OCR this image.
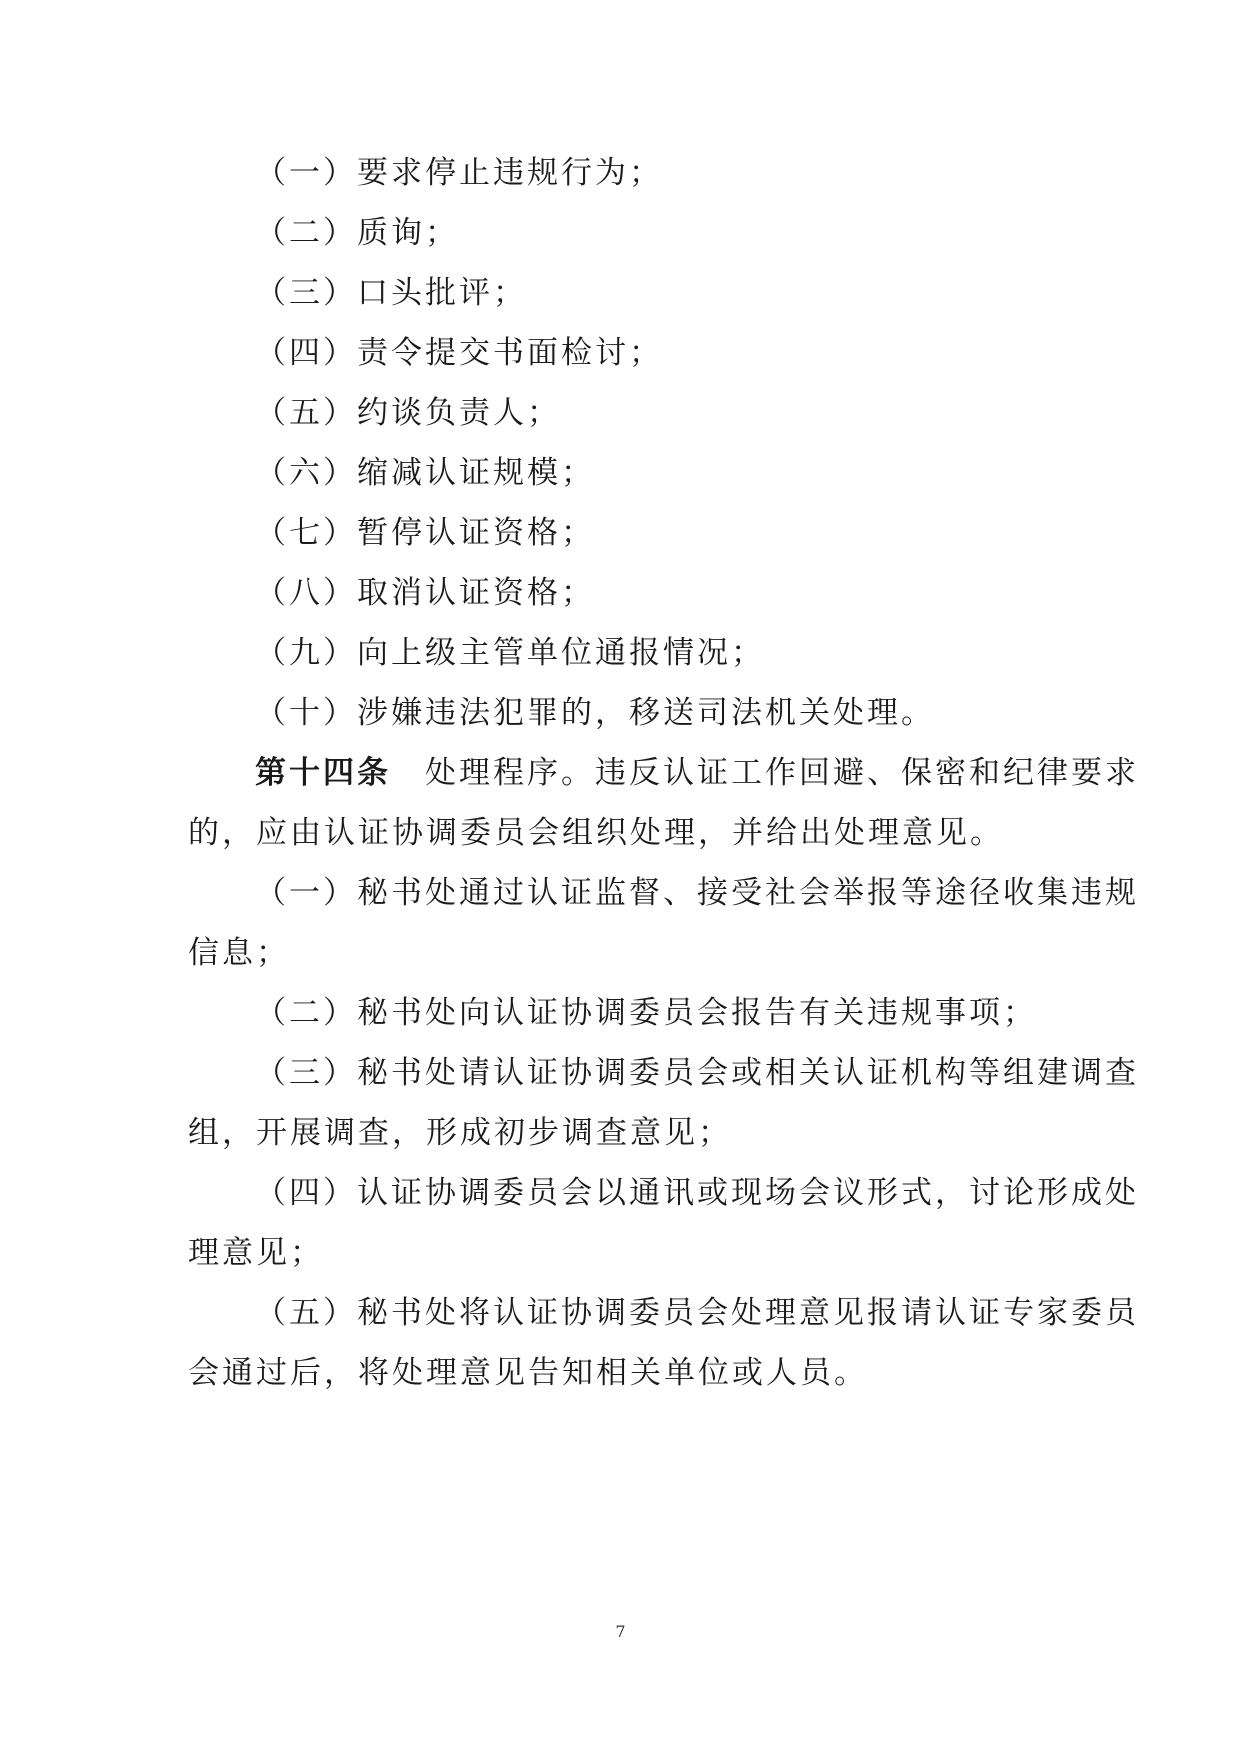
（一）要求停止违规行为；
（二）质询；
（三）口头批评；
（四）责令提交书面检讨；
（五）约谈负责人；
（六）缩减认证规模；
（七）暂停认证资格；
（八）取消认证资格；
（九）向上级主管单位通报情况；
（十）涉嫌违法犯罪的，移送司法机关处理。
第十四条  处理程序。违反认证工作回避、保密和纪律要求
的，应由认证协调委员会组织处理，并给出处理意见。
（一）秘书处通过认证监督、接受社会举报等途径收集违规
信息；
（二）秘书处向认证协调委员会报告有关违规事项；
（三）秘书处请认证协调委员会或相关认证机构等组建调查
组，开展调查，形成初步调查意见；
（四）认证协调委员会以通讯或现场会议形式，讨论形成处
理意见；
（五）秘书处将认证协调委员会处理意见报请认证专家委员
会通过后，将处理意见告知相关单位或人员。
7
